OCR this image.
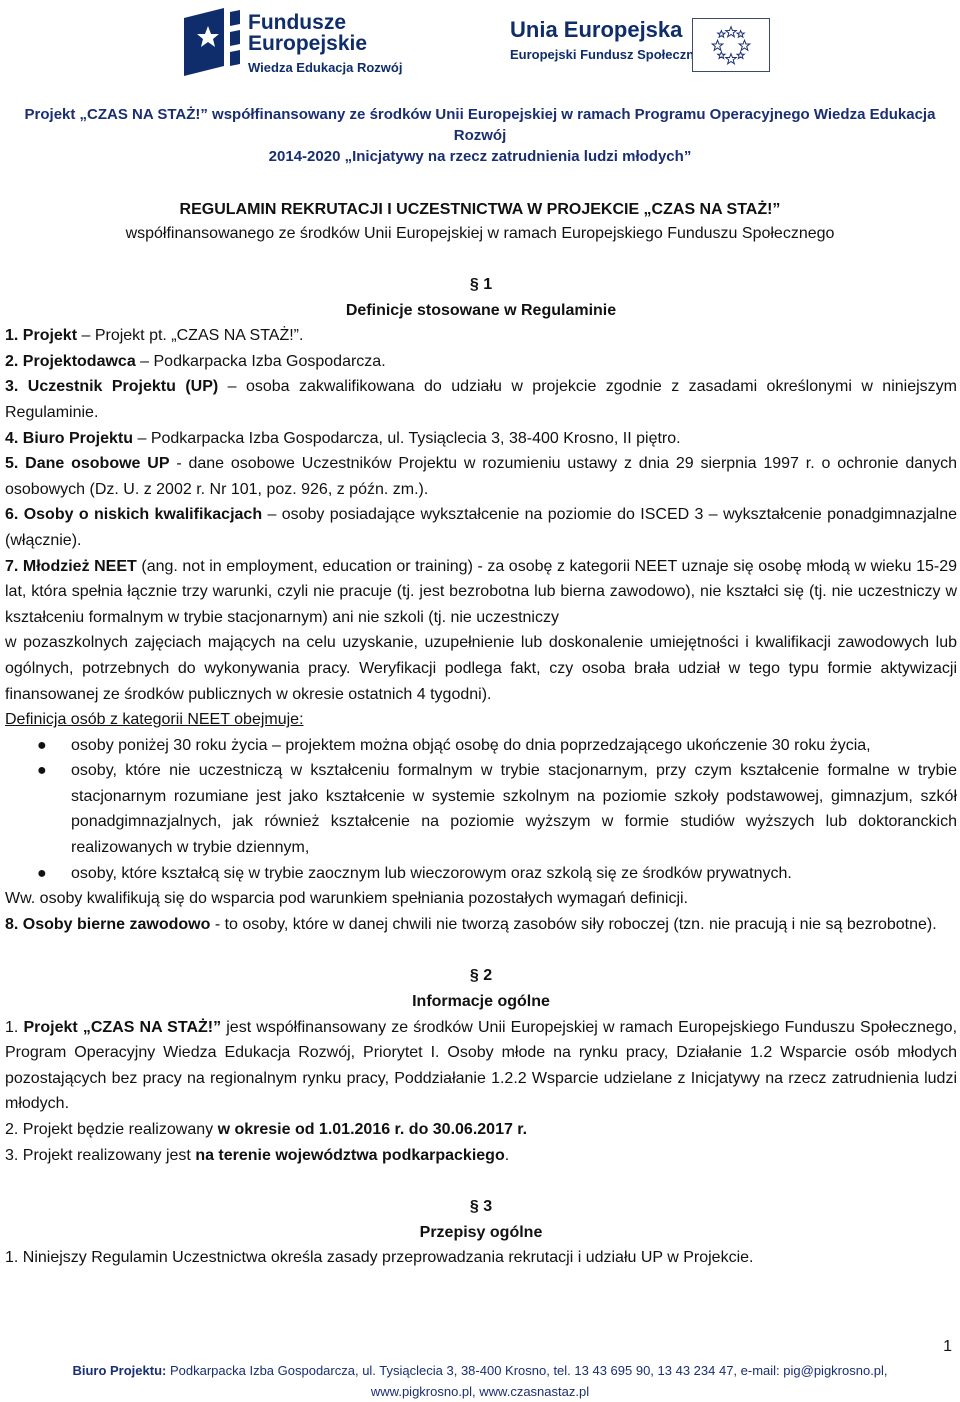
Fundusze
Europejskie
Wiedza Edukacja Rozwój
Unia Europejska
Europejski Fundusz Społeczny
Projekt „CZAS NA STAŻ!” współfinansowany ze środków Unii Europejskiej w ramach Programu Operacyjnego Wiedza Edukacja Rozwój
2014-2020 „Inicjatywy na rzecz zatrudnienia ludzi młodych”
REGULAMIN REKRUTACJI I UCZESTNICTWA W PROJEKCIE „CZAS NA STAŻ!”
współfinansowanego ze środków Unii Europejskiej w ramach Europejskiego Funduszu Społecznego
§ 1
Definicje stosowane w Regulaminie

1. Projekt – Projekt pt. „CZAS NA STAŻ!”.

2. Projektodawca – Podkarpacka Izba Gospodarcza.

3. Uczestnik Projektu (UP) – osoba zakwalifikowana do udziału w projekcie zgodnie z zasadami określonymi w niniejszym Regulaminie.

4. Biuro Projektu – Podkarpacka Izba Gospodarcza, ul. Tysiąclecia 3, 38-400 Krosno, II piętro.

5. Dane osobowe UP - dane osobowe Uczestników Projektu w rozumieniu ustawy z dnia 29 sierpnia 1997 r. o ochronie danych osobowych (Dz. U. z 2002 r. Nr 101, poz. 926, z późn. zm.).

6. Osoby o niskich kwalifikacjach – osoby posiadające wykształcenie na poziomie do ISCED 3 – wykształcenie ponadgimnazjalne (włącznie).

7. Młodzież NEET (ang. not in employment, education or training) - za osobę z kategorii NEET uznaje się osobę młodą w wieku 15-29 lat, która spełnia łącznie trzy warunki, czyli nie pracuje (tj. jest bezrobotna lub bierna zawodowo), nie kształci się (tj. nie uczestniczy w kształceniu formalnym w trybie stacjonarnym) ani nie szkoli (tj. nie uczestniczy

w pozaszkolnych zajęciach mających na celu uzyskanie, uzupełnienie lub doskonalenie umiejętności i kwalifikacji zawodowych lub ogólnych, potrzebnych do wykonywania pracy. Weryfikacji podlega fakt, czy osoba brała udział w tego typu formie aktywizacji finansowanej ze środków publicznych w okresie ostatnich 4 tygodni).

Definicja osób z kategorii NEET obejmuje:

● osoby poniżej 30 roku życia – projektem można objąć osobę do dnia poprzedzającego ukończenie 30 roku życia,
● osoby, które nie uczestniczą w kształceniu formalnym w trybie stacjonarnym, przy czym kształcenie formalne w trybie stacjonarnym rozumiane jest jako kształcenie w systemie szkolnym na poziomie szkoły podstawowej, gimnazjum, szkół ponadgimnazjalnych, jak również kształcenie na poziomie wyższym w formie studiów wyższych lub doktoranckich realizowanych w trybie dziennym,
● osoby, które kształcą się w trybie zaocznym lub wieczorowym oraz szkolą się ze środków prywatnych.

Ww. osoby kwalifikują się do wsparcia pod warunkiem spełniania pozostałych wymagań definicji.

8. Osoby bierne zawodowo - to osoby, które w danej chwili nie tworzą zasobów siły roboczej (tzn. nie pracują i nie są bezrobotne).

§ 2
Informacje ogólne

1. Projekt „CZAS NA STAŻ!” jest współfinansowany ze środków Unii Europejskiej w ramach Europejskiego Funduszu Społecznego, Program Operacyjny Wiedza Edukacja Rozwój, Priorytet I. Osoby młode na rynku pracy, Działanie 1.2 Wsparcie osób młodych pozostających bez pracy na regionalnym rynku pracy, Poddziałanie 1.2.2 Wsparcie udzielane z Inicjatywy na rzecz zatrudnienia ludzi młodych.

2. Projekt będzie realizowany w okresie od 1.01.2016 r. do 30.06.2017 r.

3. Projekt realizowany jest na terenie województwa podkarpackiego.

§ 3
Przepisy ogólne

1. Niniejszy Regulamin Uczestnictwa określa zasady przeprowadzania rekrutacji i udziału UP w Projekcie.

1
Biuro Projektu: Podkarpacka Izba Gospodarcza, ul. Tysiąclecia 3, 38-400 Krosno, tel. 13 43 695 90, 13 43 234 47, e-mail: pig@pigkrosno.pl,
www.pigkrosno.pl, www.czasnastaz.pl
